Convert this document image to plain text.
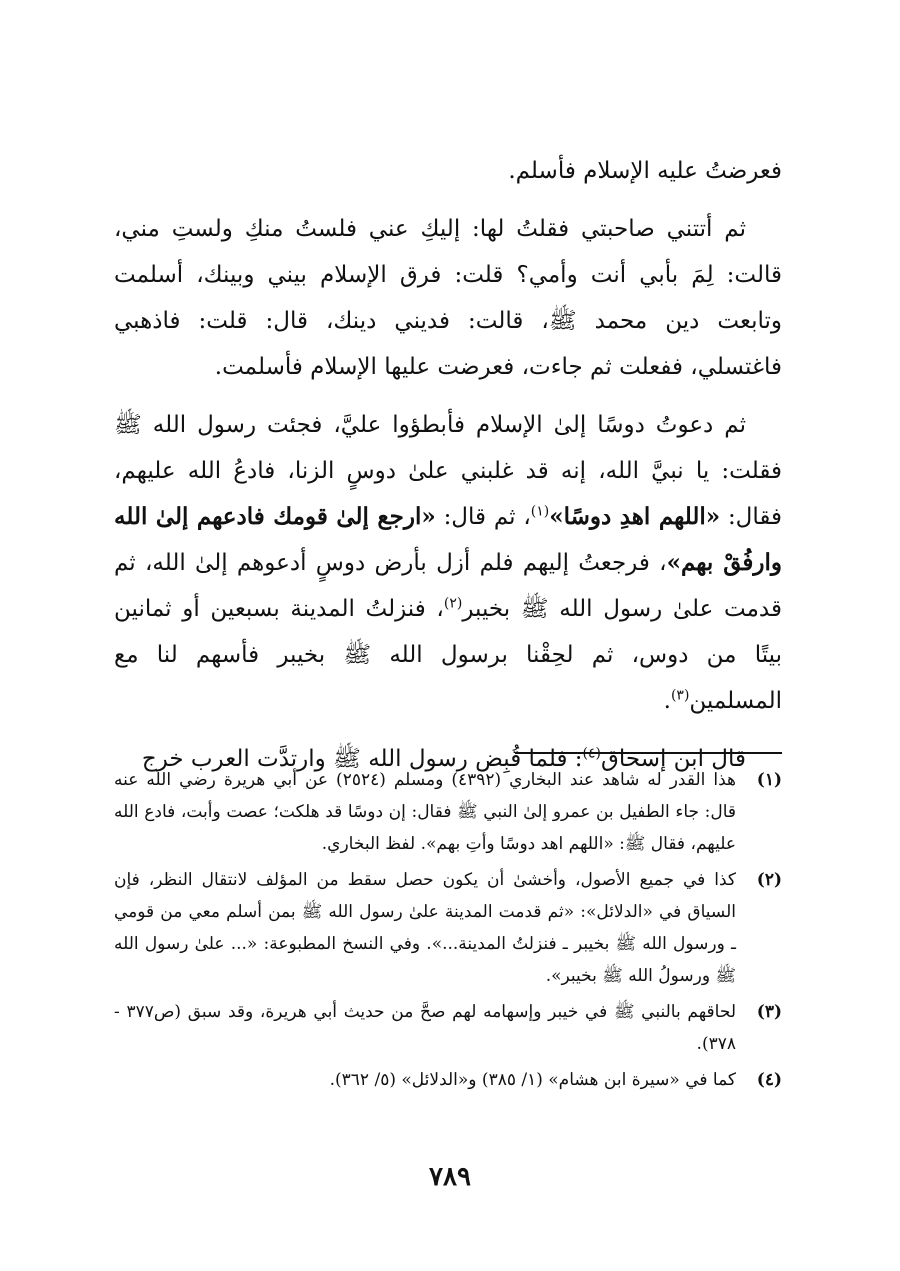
فعرضتُ عليه الإسلام فأسلم.

ثم أتتني صاحبتي فقلتُ لها: إليكِ عني فلستُ منكِ ولستِ مني، قالت: لِمَ بأبي أنت وأمي؟ قلت: فرق الإسلام بيني وبينك، أسلمت وتابعت دين محمد ﷺ، قالت: فديني دينك، قال: قلت: فاذهبي فاغتسلي، ففعلت ثم جاءت، فعرضت عليها الإسلام فأسلمت.

ثم دعوتُ دوسًا إلىٰ الإسلام فأبطؤوا عليَّ، فجئت رسول الله ﷺ فقلت: يا نبيَّ الله، إنه قد غلبني علىٰ دوسٍ الزنا، فادعُ الله عليهم، فقال: «اللهم اهدِ دوسًا»$^{(١)}$، ثم قال: «ارجع إلىٰ قومك فادعهم إلىٰ الله وارفُقْ بهم»، فرجعتُ إليهم فلم أزل بأرض دوسٍ أدعوهم إلىٰ الله، ثم قدمت علىٰ رسول الله ﷺ بخيبر$^{(٢)}$، فنزلتُ المدينة بسبعين أو ثمانين بيتًا من دوس، ثم لحِقْنا برسول الله ﷺ بخيبر فأسهم لنا مع المسلمين$^{(٣)}$.

قال ابن إسحاق$^{(٤)}$: فلما قُبِض رسول الله ﷺ وارتدَّت العرب خرج

(١)
هذا القدر له شاهد عند البخاري (٤٣٩٢) ومسلم (٢٥٢٤) عن أبي هريرة رضي الله عنه قال: جاء الطفيل بن عمرو إلىٰ النبي ﷺ فقال: إن دوسًا قد هلكت؛ عصت وأبت، فادع الله عليهم، فقال ﷺ: «اللهم اهد دوسًا وأتِ بهم». لفظ البخاري.
(٢)
كذا في جميع الأصول، وأخشىٰ أن يكون حصل سقط من المؤلف لانتقال النظر، فإن السياق في «الدلائل»: «ثم قدمت المدينة علىٰ رسول الله ﷺ بمن أسلم معي من قومي ـ ورسول الله ﷺ بخيبر ـ فنزلتُ المدينة...». وفي النسخ المطبوعة: «... علىٰ رسول الله ﷺ ورسولُ الله ﷺ بخيبر».
(٣)
لحاقهم بالنبي ﷺ في خيبر وإسهامه لهم صحَّ من حديث أبي هريرة، وقد سبق (ص٣٧٧ - ٣٧٨).
(٤)
كما في «سيرة ابن هشام» (١/ ٣٨٥) و«الدلائل» (٥/ ٣٦٢).
٧٨٩
